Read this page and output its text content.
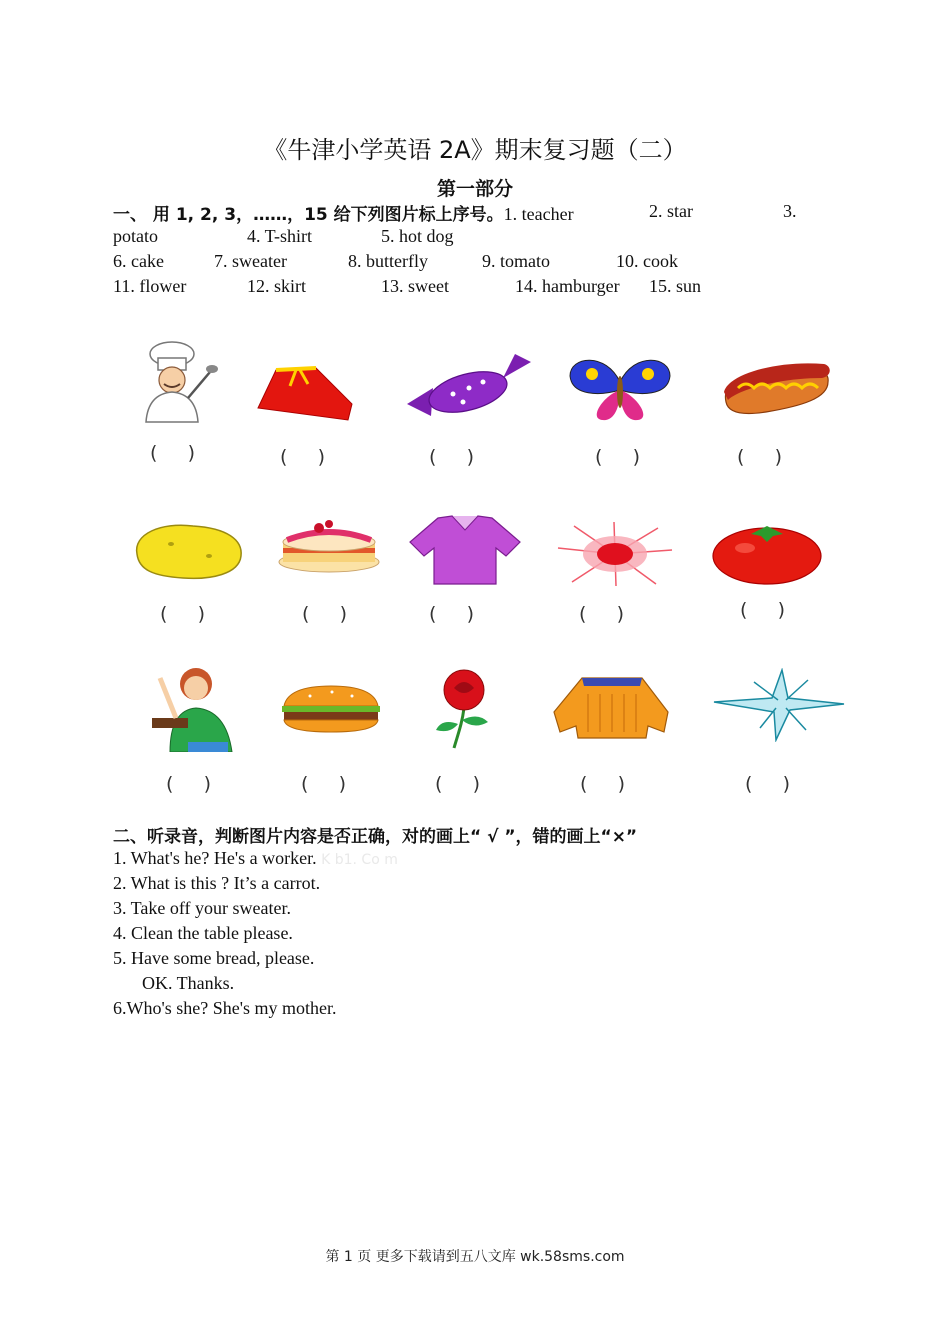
《牛津小学英语 2A》期末复习题（二）
第一部分
一、 用 1, 2, 3，……，15 给下列图片标上序号。1. teacher	2. star	3.
potato	4. T-shirt	5. hot dog
6. cake	7. sweater	8. butterfly	9. tomato	10. cook
11. flower	12. skirt	13. sweet	14. hamburger 15. sun
(     )	(     )	(     )	(     )	(     )
(     )	(     )	(     )	(     )	(     )
(     )	(     )	(     )	(     )	(     )
二、听录音，判断图片内容是否正确，对的画上“ √ ”，错的画上“×”
1. What's he? He's a worker. K b1. Co m
2. What is this ? It’s a carrot.
3. Take off your sweater.
4. Clean the table please.
5. Have some bread, please.
OK. Thanks.
6.Who's she? She's my mother.
第 1 页 更多下载请到五八文库 wk.58sms.com
